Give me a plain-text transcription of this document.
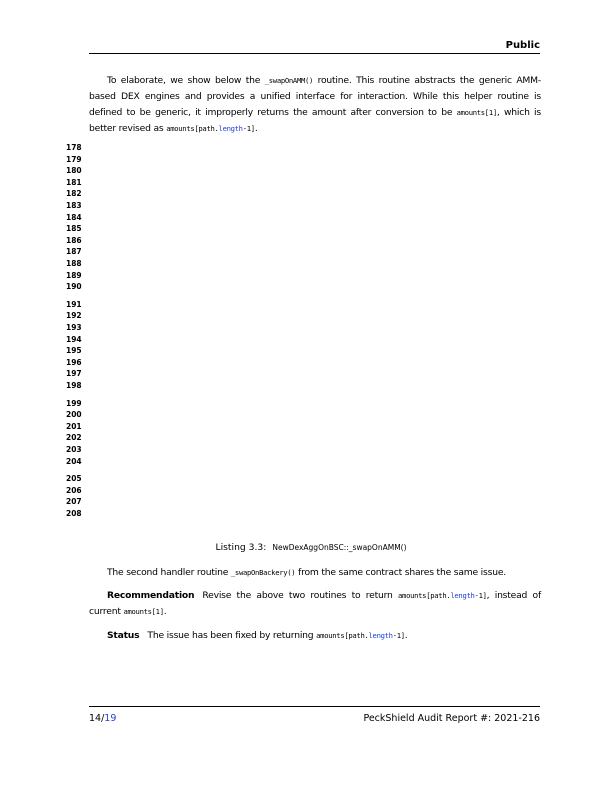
Public
To elaborate, we show below the _swapOnAMM() routine. This routine abstracts the generic AMM-
based DEX engines and provides a unified interface for interaction. While this helper routine is
defined to be generic, it improperly returns the amount after conversion to be amounts[1], which is
better revised as amounts[path.length-1].
178
179
180
181
182
183
184
185
186
187
188
189
190
191
192
193
194
195
196
197
198
199
200
201
202
203
204
205
206
207
208
Listing 3.3: NewDexAggOnBSC::_swapOnAMM()
The second handler routine _swapOnBackery() from the same contract shares the same issue.
Recommendation Revise the above two routines to return amounts[path.length-1], instead of
current amounts[1].
Status The issue has been fixed by returning amounts[path.length-1].
14/19	PeckShield Audit Report #: 2021-216
